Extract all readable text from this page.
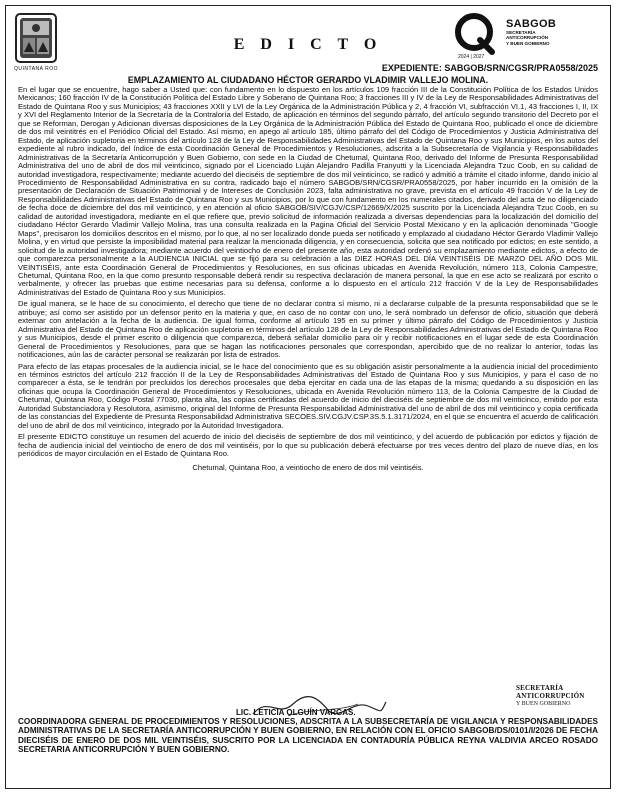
QUINTANA ROO
E D I C T O
2024 | 2027
SABGOB
SECRETARÍA
ANTICORRUPCIÓN
Y BUEN GOBIERNO
EXPEDIENTE: SABGOB/SRN/CGSR/PRA0558/2025
EMPLAZAMIENTO AL CIUDADANO HÉCTOR GERARDO VLADIMIR VALLEJO MOLINA.

En el lugar que se encuentre, hago saber a Usted que: con fundamento en lo dispuesto en los artículos 109 fracción III de la Constitución Política de los Estados Unidos Mexicanos; 160 fracción IV de la Constitución Política del Estado Libre y Soberano de Quintana Roo; 3 fracciones III y IV de la Ley de Responsabilidades Administrativas del Estado de Quintana Roo y sus Municipios; 43 fracciones XXII y LVI de la Ley Orgánica de la Administración Pública y 2, 4 fracción VI, subfracción VI.1, 43 fracciones I, II, IX y XVI del Reglamento Interior de la Secretaría de la Contraloría del Estado, de aplicación en términos del segundo párrafo, del artículo segundo transitorio del Decreto por el que se Reforman, Derogan y Adicionan diversas disposiciones de la Ley Orgánica de la Administración Pública del Estado de Quintana Roo, publicado el once de diciembre de dos mil veintitrés en el Periódico Oficial del Estado. Así mismo, en apego al artículo 185, último párrafo del del Código de Procedimientos y Justicia Administrativa del Estado, de aplicación supletoria en términos del artículo 128 de la Ley de Responsabilidades Administrativas del Estado de Quintana Roo y sus Municipios, en los autos del expediente al rubro indicado, del índice de esta Coordinación General de Procedimientos y Resoluciones, adscrita a la Subsecretaría de Vigilancia y Responsabilidades Administrativas de la Secretaría Anticorrupción y Buen Gobierno, con sede en la Ciudad de Chetumal, Quintana Roo, derivado del Informe de Presunta Responsabilidad Administrativa del uno de abril de dos mil veinticinco, signado por el Licenciado Luján Alejandro Padilla Franyutti y la Licenciada Alejandra Tzuc Coob, en su calidad de autoridad investigadora, respectivamente; mediante acuerdo del dieciséis de septiembre de dos mil veinticinco, se radicó y admitió a trámite el citado informe, dando inicio al Procedimiento de Responsabilidad Administrativa en su contra, radicado bajo el número SABGOB/SRN/CGSR/PRA0558/2025, por haber incurrido en la omisión de la presentación de Declaración de Situación Patrimonial y de Intereses de Conclusión 2023, falta administrativa no grave, prevista en el artículo 49 fracción V de la Ley de Responsabilidades Administrativas del Estado de Quintana Roo y sus Municipios, por lo que con fundamento en los numerales citados, derivado del acta de no diligenciado de fecha doce de diciembre del dos mil veinticinco, y en atención al oficio SABGOB/SIV/CGJV/CSP/12669/X/2025 suscrito por la Licenciada Alejandra Tzuc Coob, en su calidad de autoridad investigadora, mediante en el que refiere que, previo solicitud de información realizada a diversas dependencias para la localización del domicilio del ciudadano Héctor Gerardo Vladimir Vallejo Molina, tras una consulta realizada en la Pagina Oficial del Servicio Postal Mexicano y en la aplicación denominada "Google Maps", precisaron los domicilios descritos en el mismo, por lo que, al no ser localizado donde pueda ser notificado y emplazado al ciudadano Héctor Gerardo Vladimir Vallejo Molina, y en virtud que persiste la imposibilidad material para realizar la mencionada diligencia, y en consecuencia, solicita que sea notificado por edictos; en este sentido, a solicitud de la autoridad investigadora; mediante acuerdo del veintiocho de enero del presente año, esta autoridad ordenó su emplazamiento mediante edictos, a efecto de que comparezca personalmente a la AUDIENCIA INICIAL que se fijó para su celebración a las DIEZ HORAS DEL DÍA VEINTISÉIS DE MARZO DEL AÑO DOS MIL VEINTISÉIS, ante esta Coordinación General de Procedimientos y Resoluciones, en sus oficinas ubicadas en Avenida Revolución, número 113, Colonia Campestre, Chetumal, Quintana Roo, en la que como presunto responsable deberá rendir su respectiva declaración de manera personal, la que en ese acto se realizará por escrito o verbalmente, y ofrecer las pruebas que estime necesarias para su defensa, conforme a lo dispuesto en el artículo 212 fracción V de la Ley de Responsabilidades Administrativas del Estado de Quintana Roo y sus Municipios.

De igual manera, se le hace de su conocimiento, el derecho que tiene de no declarar contra sí mismo, ni a declararse culpable de la presunta responsabilidad que se le atribuye; así como ser asistido por un defensor perito en la materia y que, en caso de no contar con uno, le será nombrado un defensor de oficio, situación que deberá externar con antelación a la fecha de la audiencia. De igual forma, conforme al artículo 195 en su primer y último párrafo del Código de Procedimientos y Justicia Administrativa del Estado de Quintana Roo de aplicación supletoria en términos del artículo 128 de la Ley de Responsabilidades Administrativas del Estado de Quintana Roo y sus Municipios, desde el primer escrito o diligencia que comparezca, deberá señalar domicilio para oír y recibir notificaciones en el lugar sede de esta Coordinación General de Procedimientos y Resoluciones, para que se hagan las notificaciones personales que correspondan, apercibido que de no realizar lo anterior, todas las notificaciones, aún las de carácter personal se realizarán por lista de estrados.

Para efecto de las etapas procesales de la audiencia inicial, se le hace del conocimiento que es su obligación asistir personalmente a la audiencia inicial del procedimiento en términos estrictos del artículo 212 fracción II de la Ley de Responsabilidades Administrativas del Estado de Quintana Roo y sus Municipios, y para el caso de no comparecer a ésta, se le tendrán por precluidos los derechos procesales que deba ejercitar en cada una de las etapas de la misma; quedando a su disposición en las oficinas que ocupa la Coordinación General de Procedimientos y Resoluciones, ubicada en Avenida Revolución número 113, de la Colonia Campestre de la Ciudad de Chetumal, Quintana Roo, Código Postal 77030, planta alta, las copias certificadas del acuerdo de inicio del dieciséis de septiembre de dos mil veinticinco, emitido por esta Autoridad Substanciadora y Resolutora, asimismo, original del Informe de Presunta Responsabilidad Administrativa del uno de abril de dos mil veinticinco y copia certificada de las constancias del Expediente de Presunta Responsabilidad Administrativa SECOES.SIV.CGJV.CSP.3S.5.1.3171/2024, en el que se encuentra el acuerdo de calificación del uno de abril de dos mil veinticinco, integrado por la Autoridad Investigadora.

El presente EDICTO constituye un resumen del acuerdo de inicio del dieciséis de septiembre de dos mil veinticinco, y del acuerdo de publicación por edictos y fijación de fecha de audiencia inicial del veintiocho de enero de dos mil veintiséis, por lo que su publicación deberá efectuarse por tres veces dentro del plazo de nueve días, en los periódicos de mayor circulación en el Estado de Quintana Roo.

Chetumal, Quintana Roo, a veintiocho de enero de dos mil veintiséis.

LIC. LETICIA OLGUÍN VARGAS.
SECRETARÍA ANTICORRUPCIÓN
Y BUEN GOBIERNO
COORDINADORA GENERAL DE PROCEDIMIENTOS Y RESOLUCIONES, ADSCRITA A LA SUBSECRETARÍA DE VIGILANCIA Y RESPONSABILIDADES ADMINISTRATIVAS DE LA SECRETARÍA ANTICORRUPCIÓN Y BUEN GOBIERNO, EN RELACIÓN CON EL OFICIO SABGOB/DS/0101/I/2026 DE FECHA DIECISÉIS DE ENERO DE DOS MIL VEINTISÉIS, SUSCRITO POR LA LICENCIADA EN CONTADURÍA PÚBLICA REYNA VALDIVIA ARCEO ROSADO SECRETARIA ANTICORRUPCIÓN Y BUEN GOBIERNO.
